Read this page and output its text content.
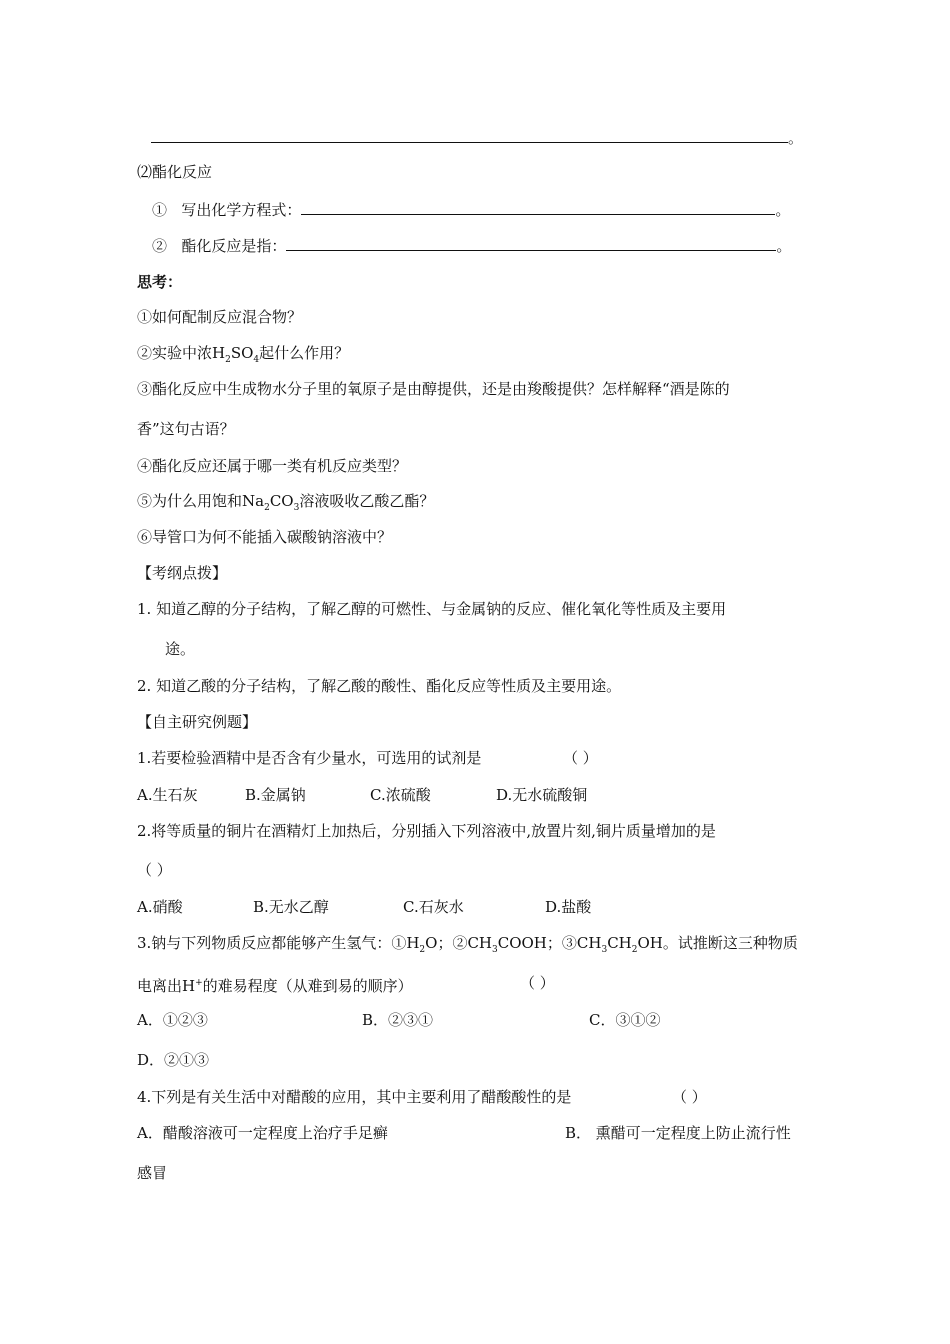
。
⑵酯化反应
① 写出化学方程式：	。
② 酯化反应是指：	。
思考：
①如何配制反应混合物？
②实验中浓$H_2SO_4$起什么作用？
③酯化反应中生成物水分子里的氧原子是由醇提供，还是由羧酸提供？怎样解释“酒是陈的
香”这句古语？
④酯化反应还属于哪一类有机反应类型？
⑤为什么用饱和$Na_2CO_3$溶液吸收乙酸乙酯？
⑥导管口为何不能插入碳酸钠溶液中？
【考纲点拨】
1. 知道乙醇的分子结构，了解乙醇的可燃性、与金属钠的反应、催化氧化等性质及主要用
途。
2. 知道乙酸的分子结构，了解乙酸的酸性、酯化反应等性质及主要用途。
【自主研究例题】
1.若要检验酒精中是否含有少量水，可选用的试剂是	（ ）
A.生石灰	B.金属钠	C.浓硫酸	D.无水硫酸铜
2.将等质量的铜片在酒精灯上加热后，分别插入下列溶液中,放置片刻,铜片质量增加的是
（ ）
A.硝酸	B.无水乙醇	C.石灰水	D.盐酸
3.钠与下列物质反应都能够产生氢气：$①H_2O$；$②CH_3COOH$；$③CH_3CH_2OH$。试推断这三种物质
电离出H+的难易程度（从难到易的顺序）	（ ）
A．①②③	B．②③①	C．③①②
D．②①③
4.下列是有关生活中对醋酸的应用，其中主要利用了醋酸酸性的是	（ ）
A．醋酸溶液可一定程度上治疗手足癣	B． 熏醋可一定程度上防止流行性
感冒
